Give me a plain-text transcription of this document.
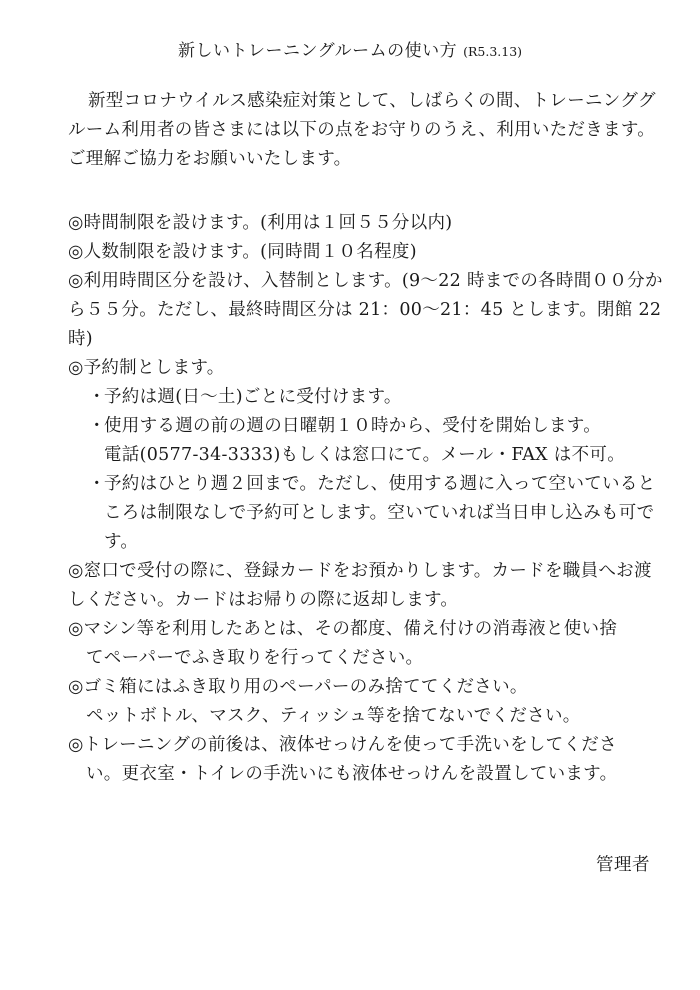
新しいトレーニングルームの使い方 (R5.3.13)

新型コロナウイルス感染症対策として、しばらくの間、トレーニンググルーム利用者の皆さまには以下の点をお守りのうえ、利用いただきます。ご理解ご協力をお願いいたします。

◎時間制限を設けます。(利用は１回５５分以内)

◎人数制限を設けます。(同時間１０名程度)

◎利用時間区分を設け、入替制とします。(9～22 時までの各時間００分から５５分。ただし、最終時間区分は 21：00～21：45 とします。閉館 22 時)

◎予約制とします。

・
予約は週(日～土)ごとに受付けます。
・
使用する週の前の週の日曜朝１０時から、受付を開始します。
電話(0577-34-3333)もしくは窓口にて。メール・FAX は不可。
・
予約はひとり週２回まで。ただし、使用する週に入って空いているところは制限なしで予約可とします。空いていれば当日申し込みも可です。

◎窓口で受付の際に、登録カードをお預かりします。カードを職員へお渡しください。カードはお帰りの際に返却します。

◎マシン等を利用したあとは、その都度、備え付けの消毒液と使い捨

てペーパーでふき取りを行ってください。

◎ゴミ箱にはふき取り用のペーパーのみ捨ててください。

ペットボトル、マスク、ティッシュ等を捨てないでください。

◎トレーニングの前後は、液体せっけんを使って手洗いをしてくださ

い。更衣室・トイレの手洗いにも液体せっけんを設置しています。

管理者
